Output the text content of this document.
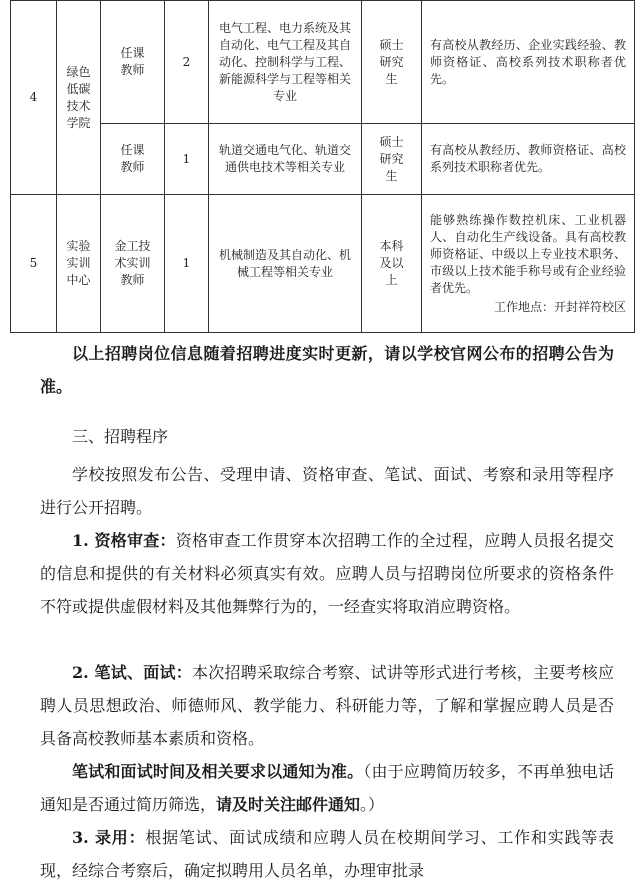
4	绿色低碳技术学院	任课教师	2	电气工程、电力系统及其自动化、电气工程及其自动化、控制科学与工程、新能源科学与工程等相关专业	硕士研究生	有高校从教经历、企业实践经验、教师资格证、高校系列技术职称者优先。
		任课教师	1	轨道交通电气化、轨道交通供电技术等相关专业	硕士研究生	有高校从教经历、教师资格证、高校系列技术职称者优先。
5	实验实训中心	金工技术实训教师	1	机械制造及其自动化、机械工程等相关专业	本科及以上	能够熟练操作数控机床、工业机器人、自动化生产线设备。具有高校教师资格证、中级以上专业技术职务、市级以上技术能手称号或有企业经验者优先。
工作地点：开封祥符校区

以上招聘岗位信息随着招聘进度实时更新，请以学校官网公布的招聘公告为准。

三、招聘程序

学校按照发布公告、受理申请、资格审查、笔试、面试、考察和录用等程序进行公开招聘。

1. 资格审查：资格审查工作贯穿本次招聘工作的全过程，应聘人员报名提交的信息和提供的有关材料必须真实有效。应聘人员与招聘岗位所要求的资格条件不符或提供虚假材料及其他舞弊行为的，一经查实将取消应聘资格。

2. 笔试、面试：本次招聘采取综合考察、试讲等形式进行考核，主要考核应聘人员思想政治、师德师风、教学能力、科研能力等，了解和掌握应聘人员是否具备高校教师基本素质和资格。

笔试和面试时间及相关要求以通知为准。（由于应聘简历较多，不再单独电话通知是否通过简历筛选，请及时关注邮件通知。）

3. 录用：根据笔试、面试成绩和应聘人员在校期间学习、工作和实践等表现，经综合考察后，确定拟聘用人员名单，办理审批录
